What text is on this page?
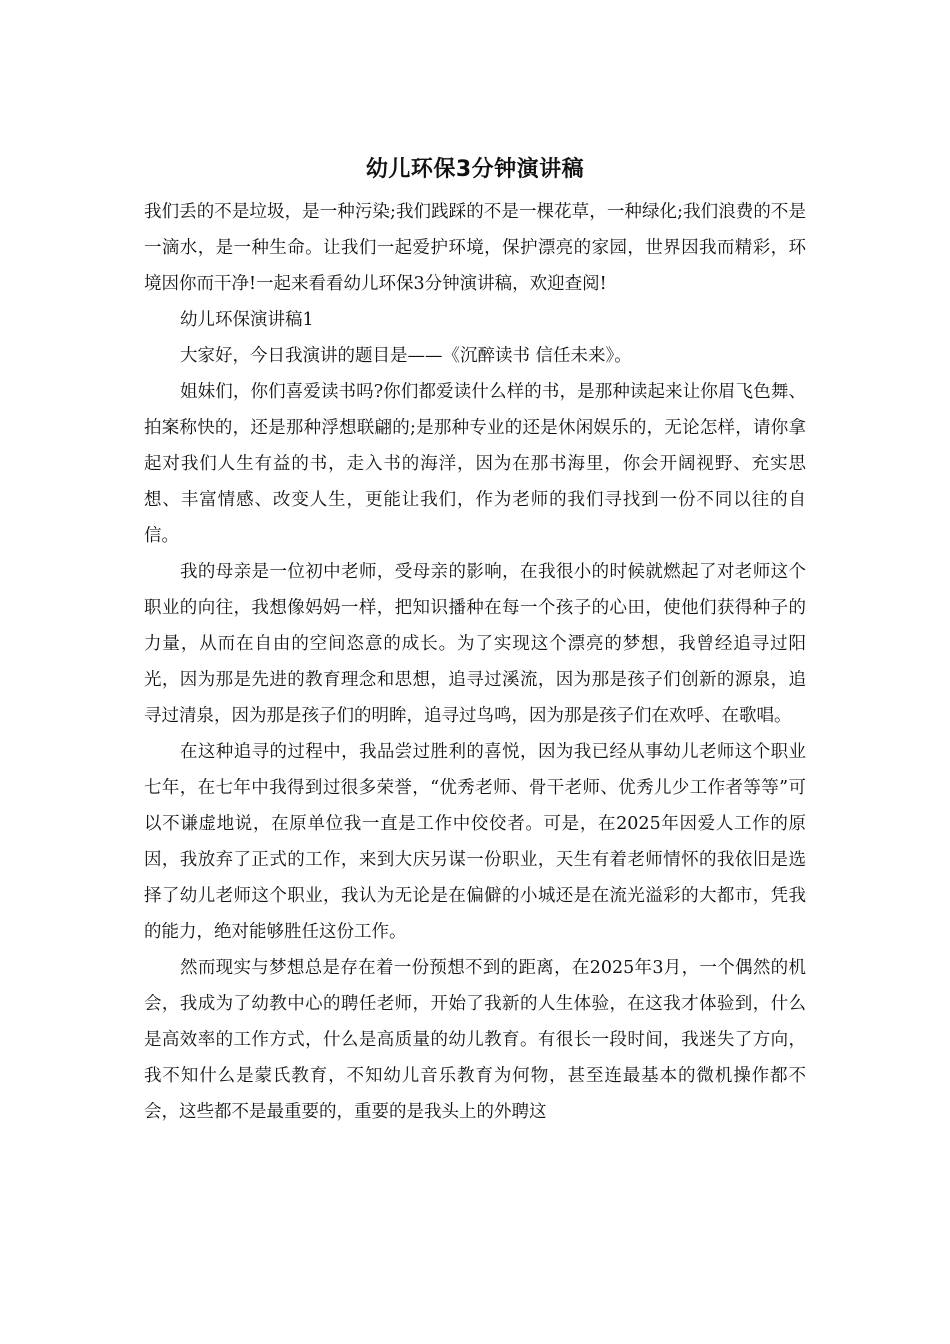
幼儿环保3分钟演讲稿

我们丢的不是垃圾，是一种污染;我们践踩的不是一棵花草，一种绿化;我们浪费的不是一滴水，是一种生命。让我们一起爱护环境，保护漂亮的家园，世界因我而精彩，环境因你而干净!一起来看看幼儿环保3分钟演讲稿，欢迎查阅!

幼儿环保演讲稿1

大家好，今日我演讲的题目是——《沉醉读书 信任未来》。

姐妹们，你们喜爱读书吗?你们都爱读什么样的书，是那种读起来让你眉飞色舞、拍案称快的，还是那种浮想联翩的;是那种专业的还是休闲娱乐的，无论怎样，请你拿起对我们人生有益的书，走入书的海洋，因为在那书海里，你会开阔视野、充实思想、丰富情感、改变人生，更能让我们，作为老师的我们寻找到一份不同以往的自信。

我的母亲是一位初中老师，受母亲的影响，在我很小的时候就燃起了对老师这个职业的向往，我想像妈妈一样，把知识播种在每一个孩子的心田，使他们获得种子的力量，从而在自由的空间恣意的成长。为了实现这个漂亮的梦想，我曾经追寻过阳光，因为那是先进的教育理念和思想，追寻过溪流，因为那是孩子们创新的源泉，追寻过清泉，因为那是孩子们的明眸，追寻过鸟鸣，因为那是孩子们在欢呼、在歌唱。

在这种追寻的过程中，我品尝过胜利的喜悦，因为我已经从事幼儿老师这个职业七年，在七年中我得到过很多荣誉，“优秀老师、骨干老师、优秀儿少工作者等等”可以不谦虚地说，在原单位我一直是工作中佼佼者。可是，在2025年因爱人工作的原因，我放弃了正式的工作，来到大庆另谋一份职业，天生有着老师情怀的我依旧是选择了幼儿老师这个职业，我认为无论是在偏僻的小城还是在流光溢彩的大都市，凭我的能力，绝对能够胜任这份工作。

然而现实与梦想总是存在着一份预想不到的距离，在2025年3月，一个偶然的机会，我成为了幼教中心的聘任老师，开始了我新的人生体验，在这我才体验到，什么是高效率的工作方式，什么是高质量的幼儿教育。有很长一段时间，我迷失了方向，我不知什么是蒙氏教育，不知幼儿音乐教育为何物，甚至连最基本的微机操作都不会，这些都不是最重要的，重要的是我头上的外聘这
